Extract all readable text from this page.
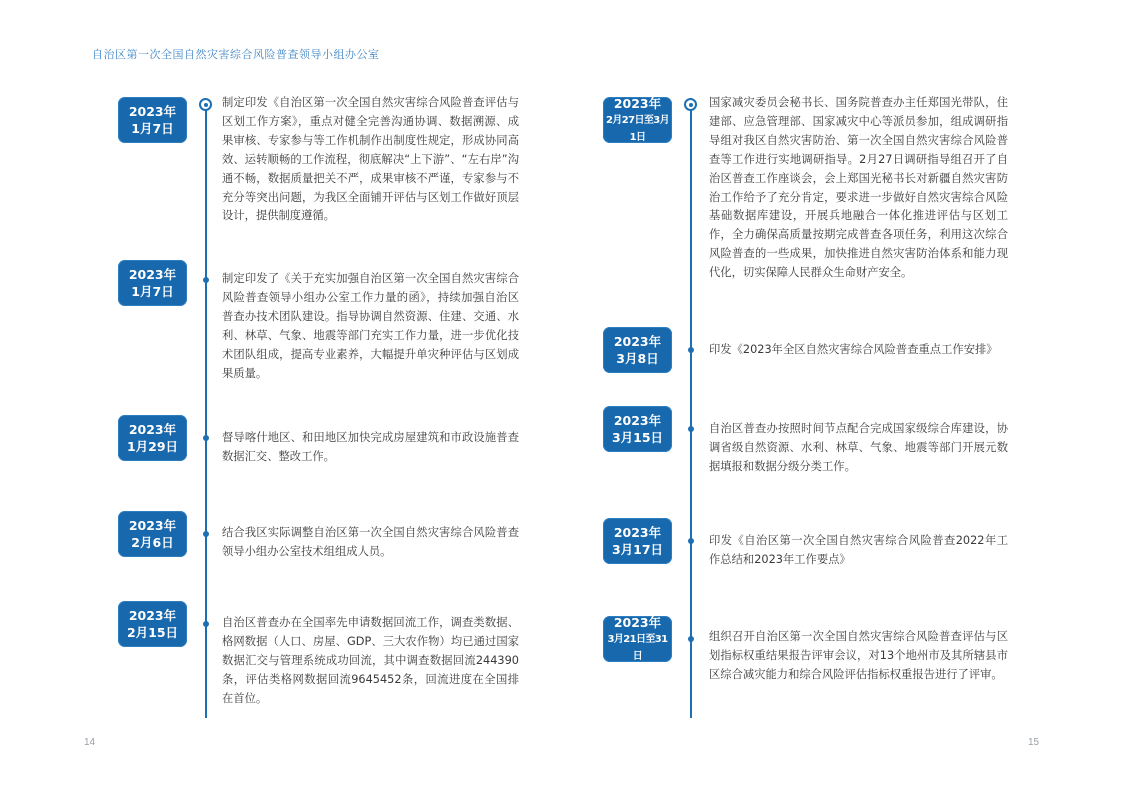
自治区第一次全国自然灾害综合风险普查领导小组办公室
2023年
1月7日
制定印发《自治区第一次全国自然灾害综合风险普查评估与区划工作方案》，重点对健全完善沟通协调、数据溯源、成果审核、专家参与等工作机制作出制度性规定，形成协同高效、运转顺畅的工作流程，彻底解决“上下游”、“左右岸”沟通不畅，数据质量把关不严，成果审核不严谨，专家参与不充分等突出问题，为我区全面铺开评估与区划工作做好顶层设计，提供制度遵循。
2023年
1月7日
制定印发了《关于充实加强自治区第一次全国自然灾害综合风险普查领导小组办公室工作力量的函》，持续加强自治区普查办技术团队建设。指导协调自然资源、住建、交通、水利、林草、气象、地震等部门充实工作力量，进一步优化技术团队组成，提高专业素养，大幅提升单灾种评估与区划成果质量。
2023年
1月29日
督导喀什地区、和田地区加快完成房屋建筑和市政设施普查数据汇交、整改工作。
2023年
2月6日
结合我区实际调整自治区第一次全国自然灾害综合风险普查领导小组办公室技术组组成人员。
2023年
2月15日
自治区普查办在全国率先申请数据回流工作，调查类数据、格网数据（人口、房屋、GDP、三大农作物）均已通过国家数据汇交与管理系统成功回流，其中调查数据回流244390条，评估类格网数据回流9645452条，回流进度在全国排在首位。
2023年
2月27日至3月1日
国家减灾委员会秘书长、国务院普查办主任郑国光带队，住建部、应急管理部、国家减灾中心等派员参加，组成调研指导组对我区自然灾害防治、第一次全国自然灾害综合风险普查等工作进行实地调研指导。2月27日调研指导组召开了自治区普查工作座谈会，会上郑国光秘书长对新疆自然灾害防治工作给予了充分肯定，要求进一步做好自然灾害综合风险基础数据库建设，开展兵地融合一体化推进评估与区划工作，全力确保高质量按期完成普查各项任务，利用这次综合风险普查的一些成果，加快推进自然灾害防治体系和能力现代化，切实保障人民群众生命财产安全。
2023年
3月8日
印发《2023年全区自然灾害综合风险普查重点工作安排》
2023年
3月15日
自治区普查办按照时间节点配合完成国家级综合库建设，协调省级自然资源、水利、林草、气象、地震等部门开展元数据填报和数据分级分类工作。
2023年
3月17日
印发《自治区第一次全国自然灾害综合风险普查2022年工作总结和2023年工作要点》
2023年
3月21日至31日
组织召开自治区第一次全国自然灾害综合风险普查评估与区划指标权重结果报告评审会议，对13个地州市及其所辖县市区综合减灾能力和综合风险评估指标权重报告进行了评审。
14	15
